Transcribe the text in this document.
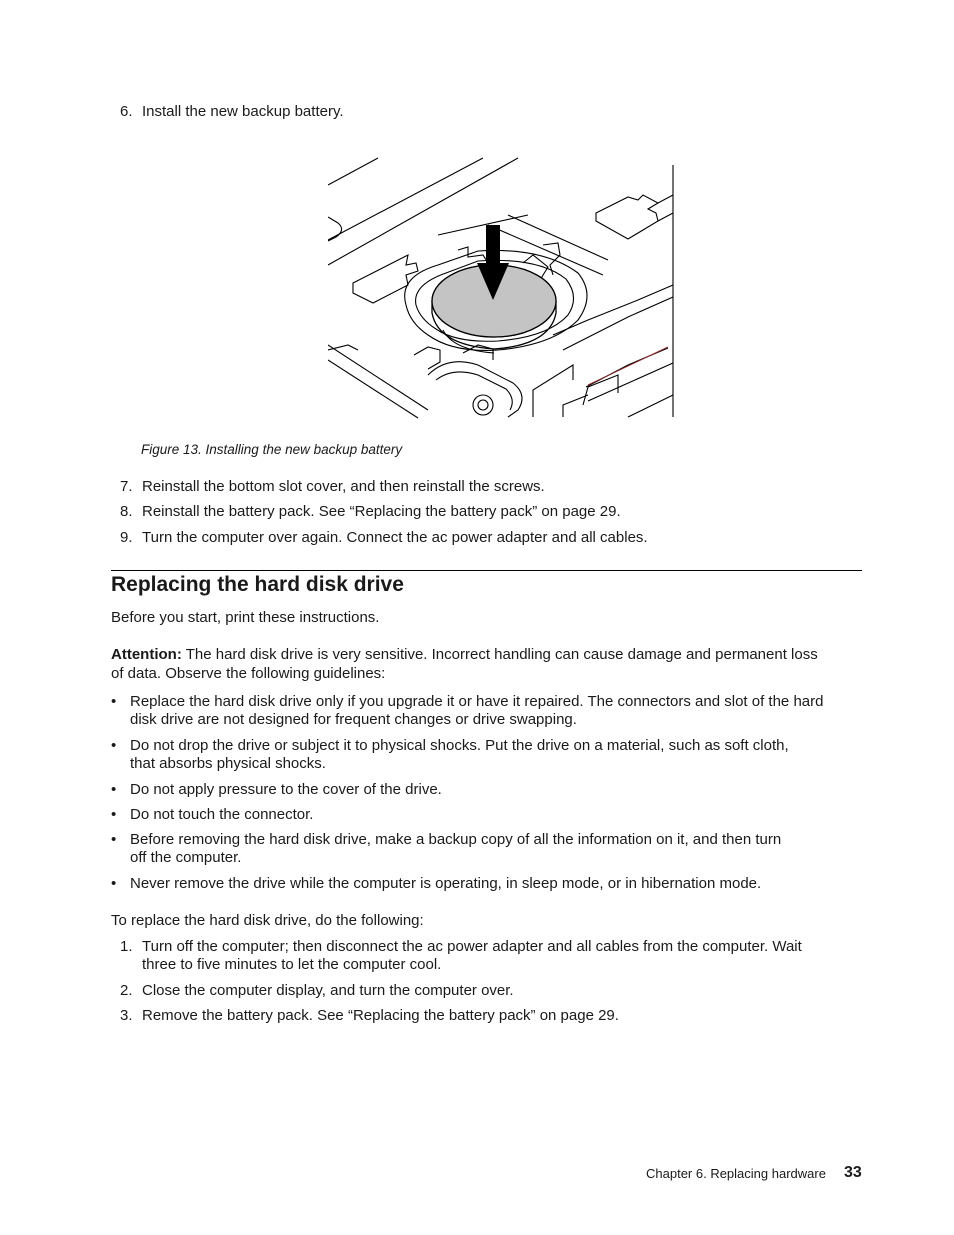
6. Install the new backup battery.
Figure 13. Installing the new backup battery
7. Reinstall the bottom slot cover, and then reinstall the screws.
8. Reinstall the battery pack. See “Replacing the battery pack” on page 29.
9. Turn the computer over again. Connect the ac power adapter and all cables.
Replacing the hard disk drive
Before you start, print these instructions.
Attention: The hard disk drive is very sensitive. Incorrect handling can cause damage and permanent loss
of data. Observe the following guidelines:
• Replace the hard disk drive only if you upgrade it or have it repaired. The connectors and slot of the hard
disk drive are not designed for frequent changes or drive swapping.
• Do not drop the drive or subject it to physical shocks. Put the drive on a material, such as soft cloth,
that absorbs physical shocks.
• Do not apply pressure to the cover of the drive.
• Do not touch the connector.
• Before removing the hard disk drive, make a backup copy of all the information on it, and then turn
off the computer.
• Never remove the drive while the computer is operating, in sleep mode, or in hibernation mode.
To replace the hard disk drive, do the following:
1. Turn off the computer; then disconnect the ac power adapter and all cables from the computer. Wait
three to five minutes to let the computer cool.
2. Close the computer display, and turn the computer over.
3. Remove the battery pack. See “Replacing the battery pack” on page 29.
Chapter 6. Replacing hardware 33
